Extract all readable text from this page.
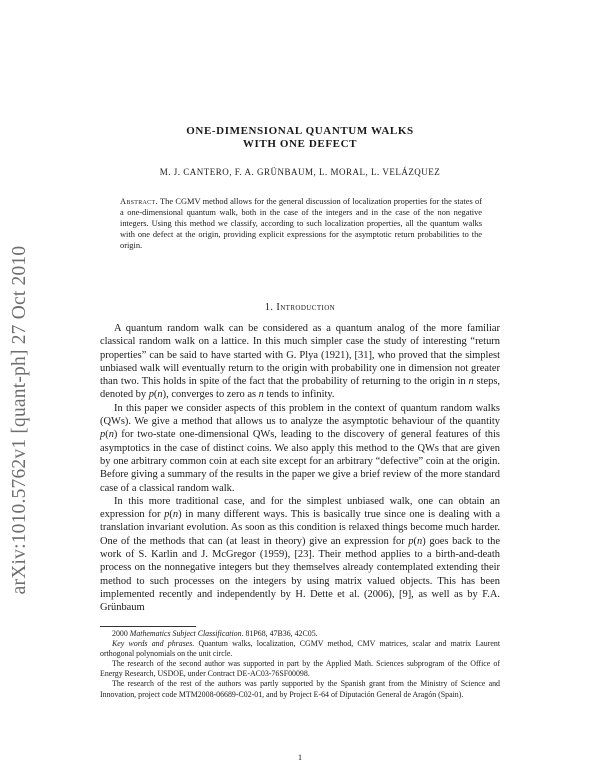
arXiv:1010.5762v1 [quant-ph] 27 Oct 2010
ONE-DIMENSIONAL QUANTUM WALKS
WITH ONE DEFECT

M. J. CANTERO, F. A. GRÜNBAUM, L. MORAL, L. VELÁZQUEZ

Abstract. The CGMV method allows for the general discussion of localization properties for the states of a one-dimensional quantum walk, both in the case of the integers and in the case of the non negative integers. Using this method we classify, according to such localization properties, all the quantum walks with one defect at the origin, providing explicit expressions for the asymptotic return probabilities to the origin.

1. Introduction

A quantum random walk can be considered as a quantum analog of the more familiar classical random walk on a lattice. In this much simpler case the study of interesting “return properties” can be said to have started with G. Plya (1921), [31], who proved that the simplest unbiased walk will eventually return to the origin with probability one in dimension not greater than two. This holds in spite of the fact that the probability of returning to the origin in n steps, denoted by p(n), converges to zero as n tends to infinity.

In this paper we consider aspects of this problem in the context of quantum random walks (QWs). We give a method that allows us to analyze the asymptotic behaviour of the quantity p(n) for two-state one-dimensional QWs, leading to the discovery of general features of this asymptotics in the case of distinct coins. We also apply this method to the QWs that are given by one arbitrary common coin at each site except for an arbitrary “defective” coin at the origin. Before giving a summary of the results in the paper we give a brief review of the more standard case of a classical random walk.

In this more traditional case, and for the simplest unbiased walk, one can obtain an expression for p(n) in many different ways. This is basically true since one is dealing with a translation invariant evolution. As soon as this condition is relaxed things become much harder. One of the methods that can (at least in theory) give an expression for p(n) goes back to the work of S. Karlin and J. McGregor (1959), [23]. Their method applies to a birth-and-death process on the nonnegative integers but they themselves already contemplated extending their method to such processes on the integers by using matrix valued objects. This has been implemented recently and independently by H. Dette et al. (2006), [9], as well as by F.A. Grünbaum

2000 Mathematics Subject Classification. 81P68, 47B36, 42C05.

Key words and phrases. Quantum walks, localization, CGMV method, CMV matrices, scalar and matrix Laurent orthogonal polynomials on the unit circle.

The research of the second author was supported in part by the Applied Math. Sciences subprogram of the Office of Energy Research, USDOE, under Contract DE-AC03-76SF00098.

The research of the rest of the authors was partly supported by the Spanish grant from the Ministry of Science and Innovation, project code MTM2008-06689-C02-01, and by Project E-64 of Diputación General de Aragón (Spain).

1
